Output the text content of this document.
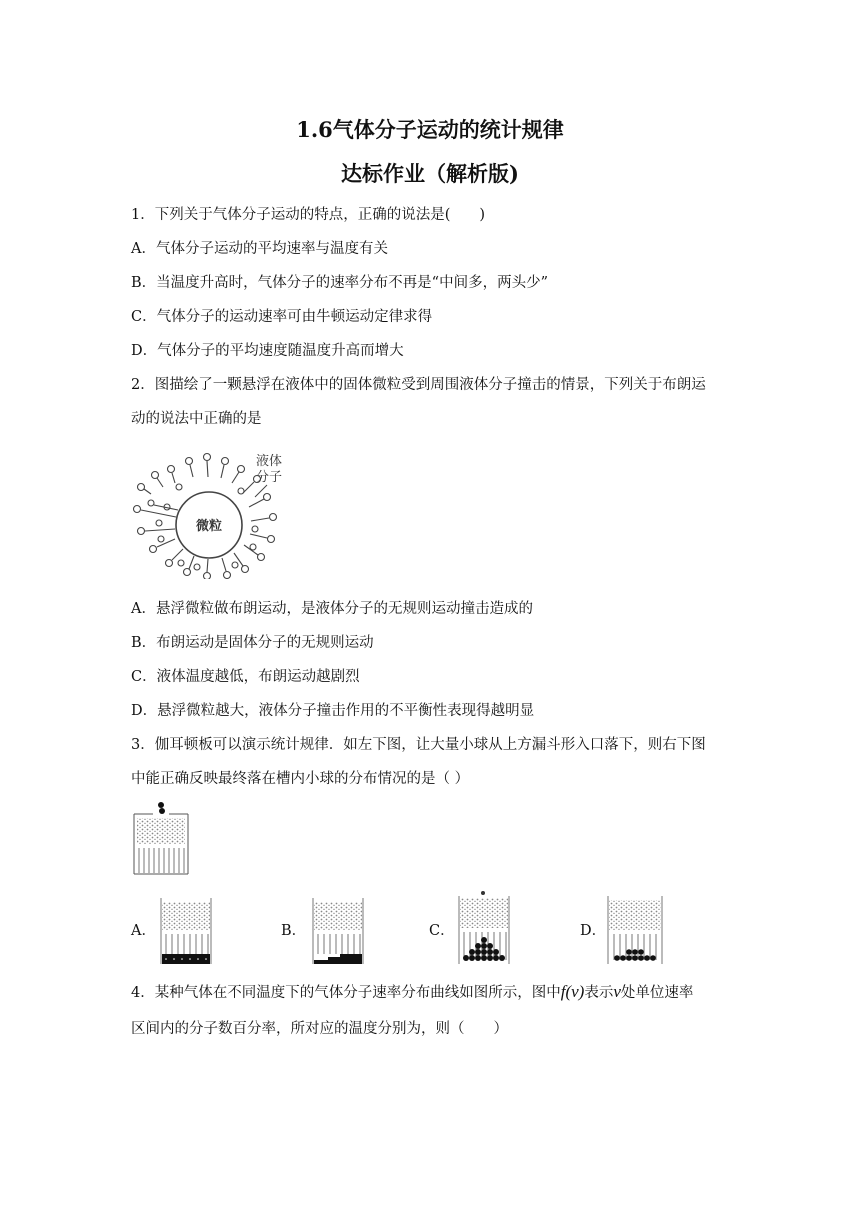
1.6气体分子运动的统计规律
达标作业（解析版)
1．下列关于气体分子运动的特点，正确的说法是(　　)
A．气体分子运动的平均速率与温度有关
B．当温度升高时，气体分子的速率分布不再是“中间多，两头少”
C．气体分子的运动速率可由牛顿运动定律求得
D．气体分子的平均速度随温度升高而增大
2．图描绘了一颗悬浮在液体中的固体微粒受到周围液体分子撞击的情景，下列关于布朗运
动的说法中正确的是
微粒
液体
分子
A．悬浮微粒做布朗运动，是液体分子的无规则运动撞击造成的
B．布朗运动是固体分子的无规则运动
C．液体温度越低，布朗运动越剧烈
D．悬浮微粒越大，液体分子撞击作用的不平衡性表现得越明显
3．伽耳顿板可以演示统计规律．如左下图，让大量小球从上方漏斗形入口落下，则右下图
中能正确反映最终落在槽内小球的分布情况的是（ ）
A．	B．	C．	D．
4．某种气体在不同温度下的气体分子速率分布曲线如图所示，图中f(v)表示v处单位速率
区间内的分子数百分率，所对应的温度分别为，则（　　）
